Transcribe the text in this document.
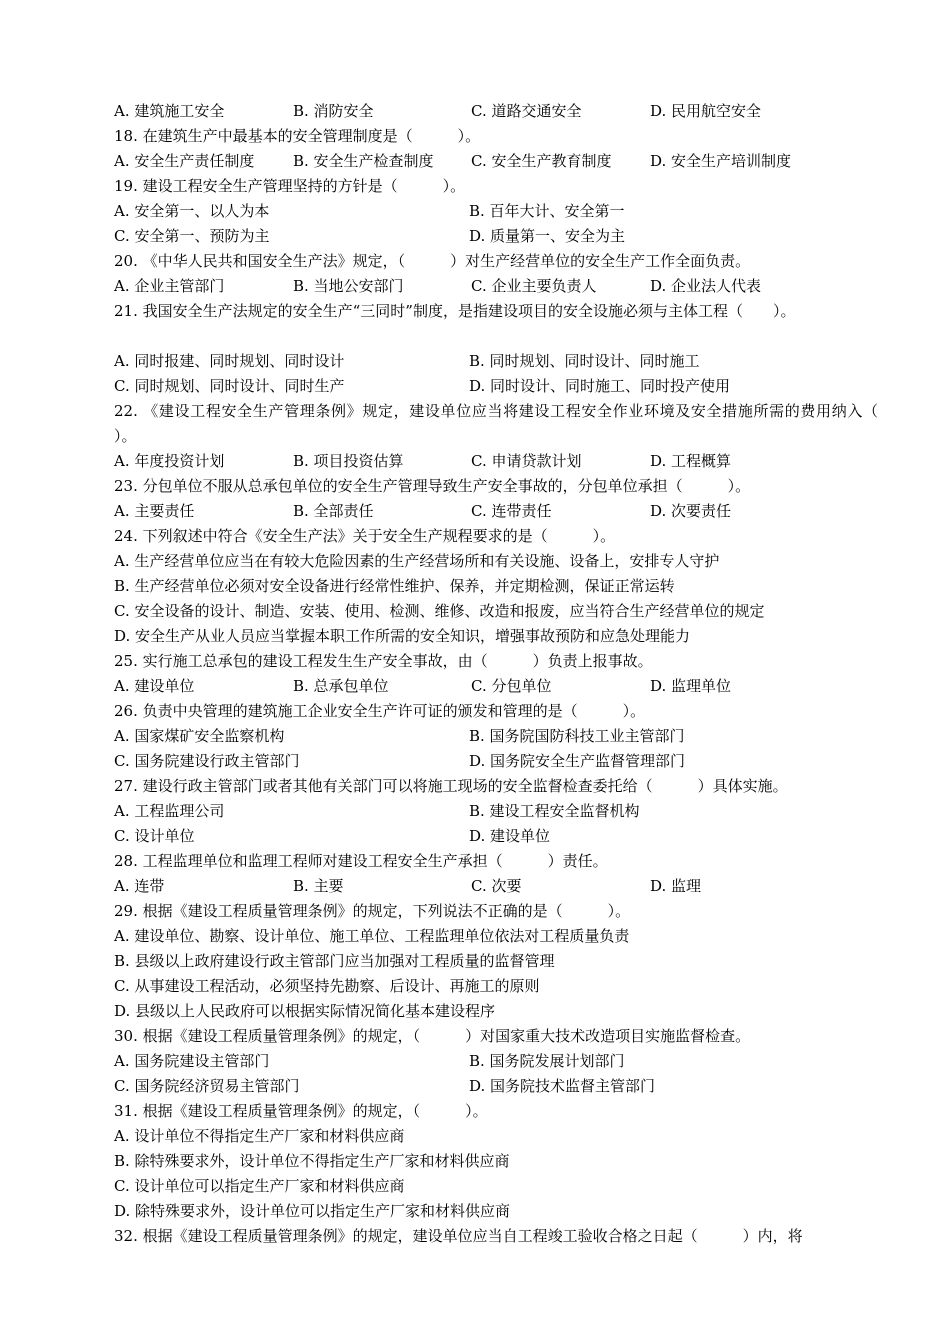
A. 建筑施工安全

	B. 消防安全

	C. 道路交通安全

	D. 民用航空安全

18. 在建筑生产中最基本的安全管理制度是（　　　）。

A. 安全生产责任制度

	B. 安全生产检查制度

C. 安全生产教育制度

	D. 安全生产培训制度

19. 建设工程安全生产管理坚持的方针是（　　　）。

A. 安全第一、以人为本

	B. 百年大计、安全第一

C. 安全第一、预防为主

	D. 质量第一、安全为主

20. 《中华人民共和国安全生产法》规定，（　　　）对生产经营单位的安全生产工作全面负责。

A. 企业主管部门

	B. 当地公安部门

	C. 企业主要负责人

	D. 企业法人代表

21. 我国安全生产法规定的安全生产“三同时”制度，是指建设项目的安全设施必须与主体工程（　　）。

A. 同时报建、同时规划、同时设计

	B. 同时规划、同时设计、同时施工

C. 同时规划、同时设计、同时生产

	D. 同时设计、同时施工、同时投产使用

22. 《建设工程安全生产管理条例》规定，建设单位应当将建设工程安全作业环境及安全措施所需的费用纳入（　　　）。

A. 年度投资计划

	B. 项目投资估算

	C. 申请贷款计划

	D. 工程概算

23. 分包单位不服从总承包单位的安全生产管理导致生产安全事故的，分包单位承担（　　　）。

A. 主要责任

	B. 全部责任

	C. 连带责任

	D. 次要责任

24. 下列叙述中符合《安全生产法》关于安全生产规程要求的是（　　　）。
A. 生产经营单位应当在有较大危险因素的生产经营场所和有关设施、设备上，安排专人守护
B. 生产经营单位必须对安全设备进行经常性维护、保养，并定期检测，保证正常运转
C. 安全设备的设计、制造、安装、使用、检测、维修、改造和报废，应当符合生产经营单位的规定
D. 安全生产从业人员应当掌握本职工作所需的安全知识，增强事故预防和应急处理能力
25. 实行施工总承包的建设工程发生生产安全事故，由（　　　）负责上报事故。

A. 建设单位

	B. 总承包单位

	C. 分包单位

	D. 监理单位

26. 负责中央管理的建筑施工企业安全生产许可证的颁发和管理的是（　　　）。

A. 国家煤矿安全监察机构

	B. 国务院国防科技工业主管部门

C. 国务院建设行政主管部门

	D. 国务院安全生产监督管理部门

27. 建设行政主管部门或者其他有关部门可以将施工现场的安全监督检查委托给（　　　）具体实施。

A. 工程监理公司

	B. 建设工程安全监督机构

C. 设计单位

	D. 建设单位

28. 工程监理单位和监理工程师对建设工程安全生产承担（　　　）责任。

A. 连带

	B. 主要

	C. 次要

	D. 监理

29. 根据《建设工程质量管理条例》的规定，下列说法不正确的是（　　　）。
A. 建设单位、勘察、设计单位、施工单位、工程监理单位依法对工程质量负责
B. 县级以上政府建设行政主管部门应当加强对工程质量的监督管理
C. 从事建设工程活动，必须坚持先勘察、后设计、再施工的原则
D. 县级以上人民政府可以根据实际情况简化基本建设程序
30. 根据《建设工程质量管理条例》的规定，（　　　）对国家重大技术改造项目实施监督检查。

A. 国务院建设主管部门

	B. 国务院发展计划部门

C. 国务院经济贸易主管部门

	D. 国务院技术监督主管部门

31. 根据《建设工程质量管理条例》的规定，（　　　）。
A. 设计单位不得指定生产厂家和材料供应商
B. 除特殊要求外，设计单位不得指定生产厂家和材料供应商
C. 设计单位可以指定生产厂家和材料供应商
D. 除特殊要求外，设计单位可以指定生产厂家和材料供应商
32. 根据《建设工程质量管理条例》的规定，建设单位应当自工程竣工验收合格之日起（　　　）内，将
